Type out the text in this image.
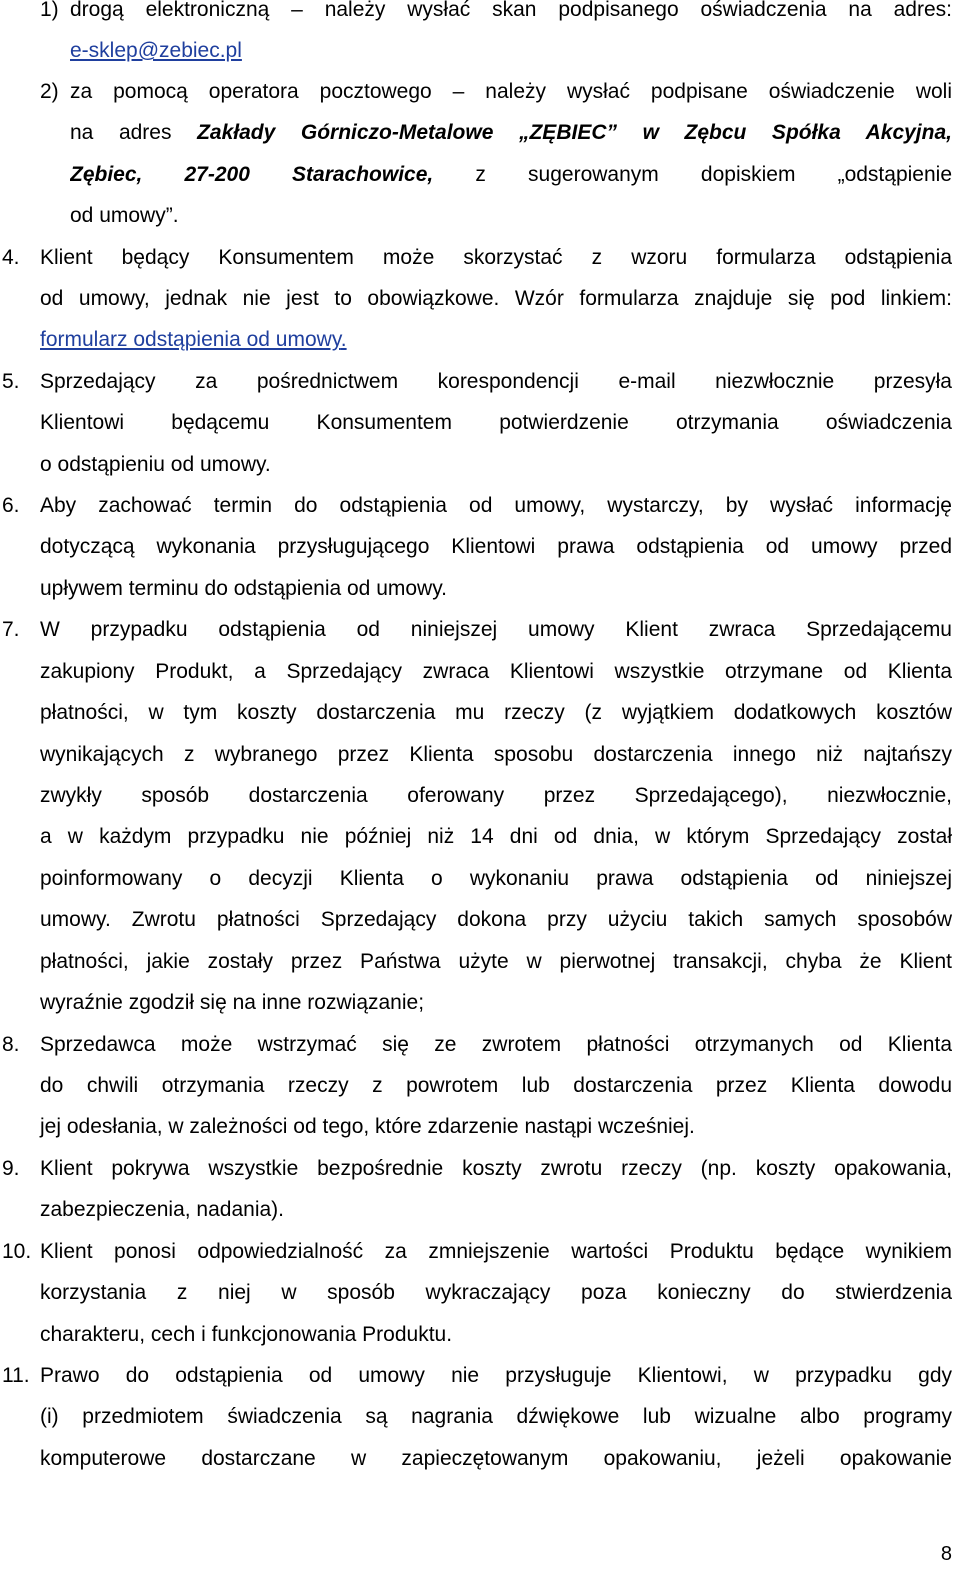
1) drogą elektroniczną – należy wysłać skan podpisanego oświadczenia na adres:
e-sklep@zebiec.pl
2) za pomocą operatora pocztowego – należy wysłać podpisane oświadczenie woli
na adres Zakłady Górniczo-Metalowe „ZĘBIEC” w Zębcu Spółka Akcyjna,
Zębiec, 27-200 Starachowice, z sugerowanym dopiskiem „odstąpienie
od umowy”.
4. Klient będący Konsumentem może skorzystać z wzoru formularza odstąpienia
od umowy, jednak nie jest to obowiązkowe. Wzór formularza znajduje się pod linkiem:
formularz odstąpienia od umowy.
5. Sprzedający za pośrednictwem korespondencji e-mail niezwłocznie przesyła
Klientowi będącemu Konsumentem potwierdzenie otrzymania oświadczenia
o odstąpieniu od umowy.
6. Aby zachować termin do odstąpienia od umowy, wystarczy, by wysłać informację
dotyczącą wykonania przysługującego Klientowi prawa odstąpienia od umowy przed
upływem terminu do odstąpienia od umowy.
7. W przypadku odstąpienia od niniejszej umowy Klient zwraca Sprzedającemu
zakupiony Produkt, a Sprzedający zwraca Klientowi wszystkie otrzymane od Klienta
płatności, w tym koszty dostarczenia mu rzeczy (z wyjątkiem dodatkowych kosztów
wynikających z wybranego przez Klienta sposobu dostarczenia innego niż najtańszy
zwykły sposób dostarczenia oferowany przez Sprzedającego), niezwłocznie,
a w każdym przypadku nie później niż 14 dni od dnia, w którym Sprzedający został
poinformowany o decyzji Klienta o wykonaniu prawa odstąpienia od niniejszej
umowy. Zwrotu płatności Sprzedający dokona przy użyciu takich samych sposobów
płatności, jakie zostały przez Państwa użyte w pierwotnej transakcji, chyba że Klient
wyraźnie zgodził się na inne rozwiązanie;
8. Sprzedawca może wstrzymać się ze zwrotem płatności otrzymanych od Klienta
do chwili otrzymania rzeczy z powrotem lub dostarczenia przez Klienta dowodu
jej odesłania, w zależności od tego, które zdarzenie nastąpi wcześniej.
9. Klient pokrywa wszystkie bezpośrednie koszty zwrotu rzeczy (np. koszty opakowania,
zabezpieczenia, nadania).
10. Klient ponosi odpowiedzialność za zmniejszenie wartości Produktu będące wynikiem
korzystania z niej w sposób wykraczający poza konieczny do stwierdzenia
charakteru, cech i funkcjonowania Produktu.
11. Prawo do odstąpienia od umowy nie przysługuje Klientowi, w przypadku gdy
(i) przedmiotem świadczenia są nagrania dźwiękowe lub wizualne albo programy
komputerowe dostarczane w zapieczętowanym opakowaniu, jeżeli opakowanie
8
